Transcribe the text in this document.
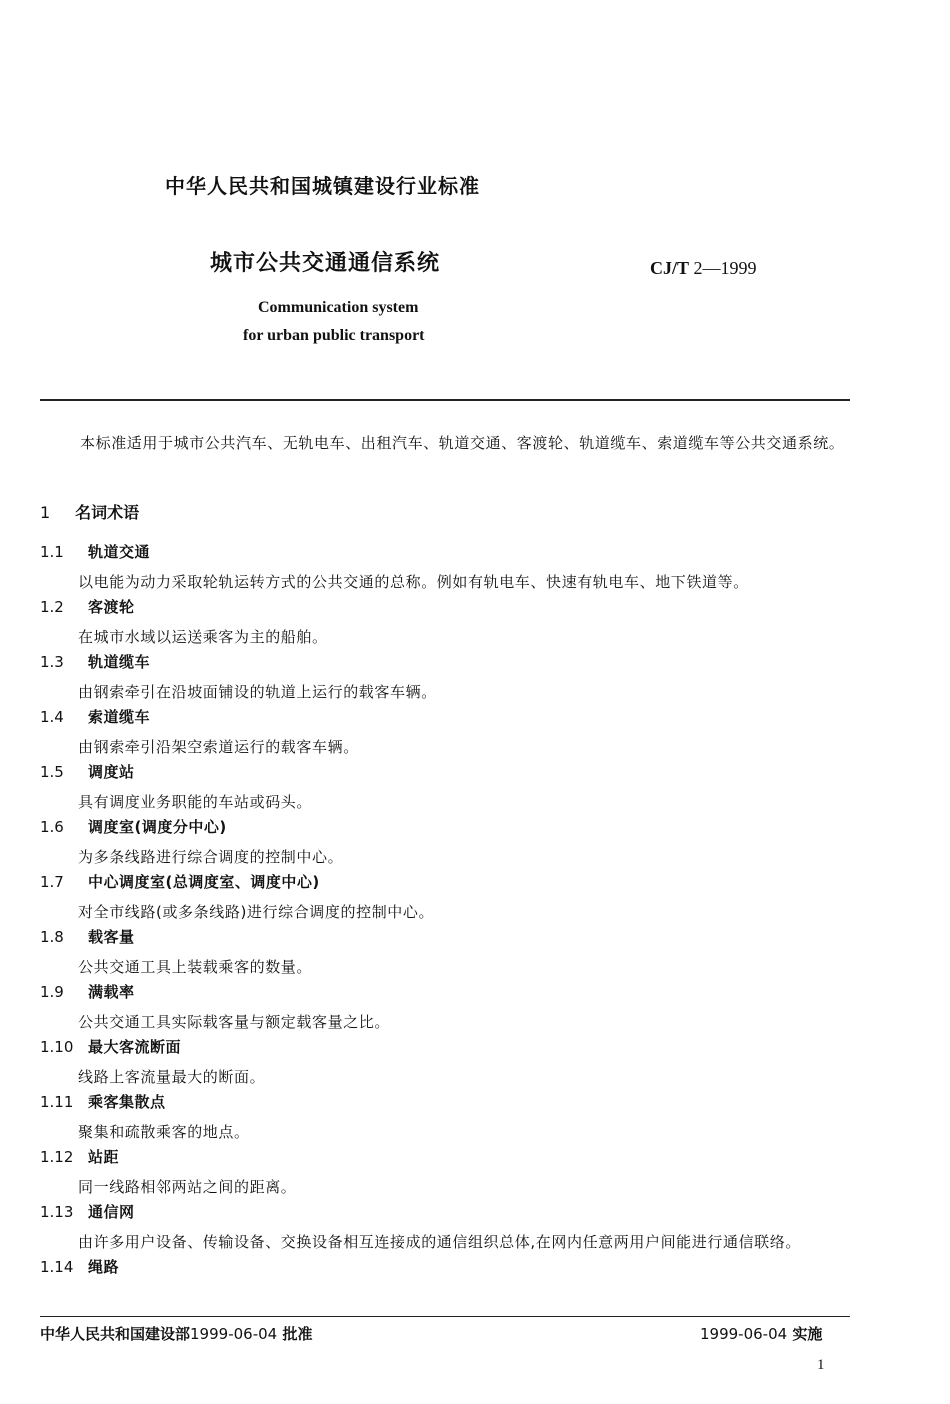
中华人民共和国城镇建设行业标准
城市公共交通通信系统	CJ/T 2—1999
Communication system
for urban public transport
本标准适用于城市公共汽车、无轨电车、出租汽车、轨道交通、客渡轮、轨道缆车、索道缆车等公共交通系统。
1 名词术语
1.1 轨道交通
以电能为动力采取轮轨运转方式的公共交通的总称。例如有轨电车、快速有轨电车、地下铁道等。
1.2 客渡轮
在城市水域以运送乘客为主的船舶。
1.3 轨道缆车
由钢索牵引在沿坡面铺设的轨道上运行的载客车辆。
1.4 索道缆车
由钢索牵引沿架空索道运行的载客车辆。
1.5 调度站
具有调度业务职能的车站或码头。
1.6 调度室(调度分中心)
为多条线路进行综合调度的控制中心。
1.7 中心调度室(总调度室、调度中心)
对全市线路(或多条线路)进行综合调度的控制中心。
1.8 载客量
公共交通工具上装载乘客的数量。
1.9 满载率
公共交通工具实际载客量与额定载客量之比。
1.10 最大客流断面
线路上客流量最大的断面。
1.11 乘客集散点
聚集和疏散乘客的地点。
1.12 站距
同一线路相邻两站之间的距离。
1.13 通信网
由许多用户设备、传输设备、交换设备相互连接成的通信组织总体,在网内任意两用户间能进行通信联络。
1.14 绳路
中华人民共和国建设部1999-06-04 批准	1999-06-04 实施
1
